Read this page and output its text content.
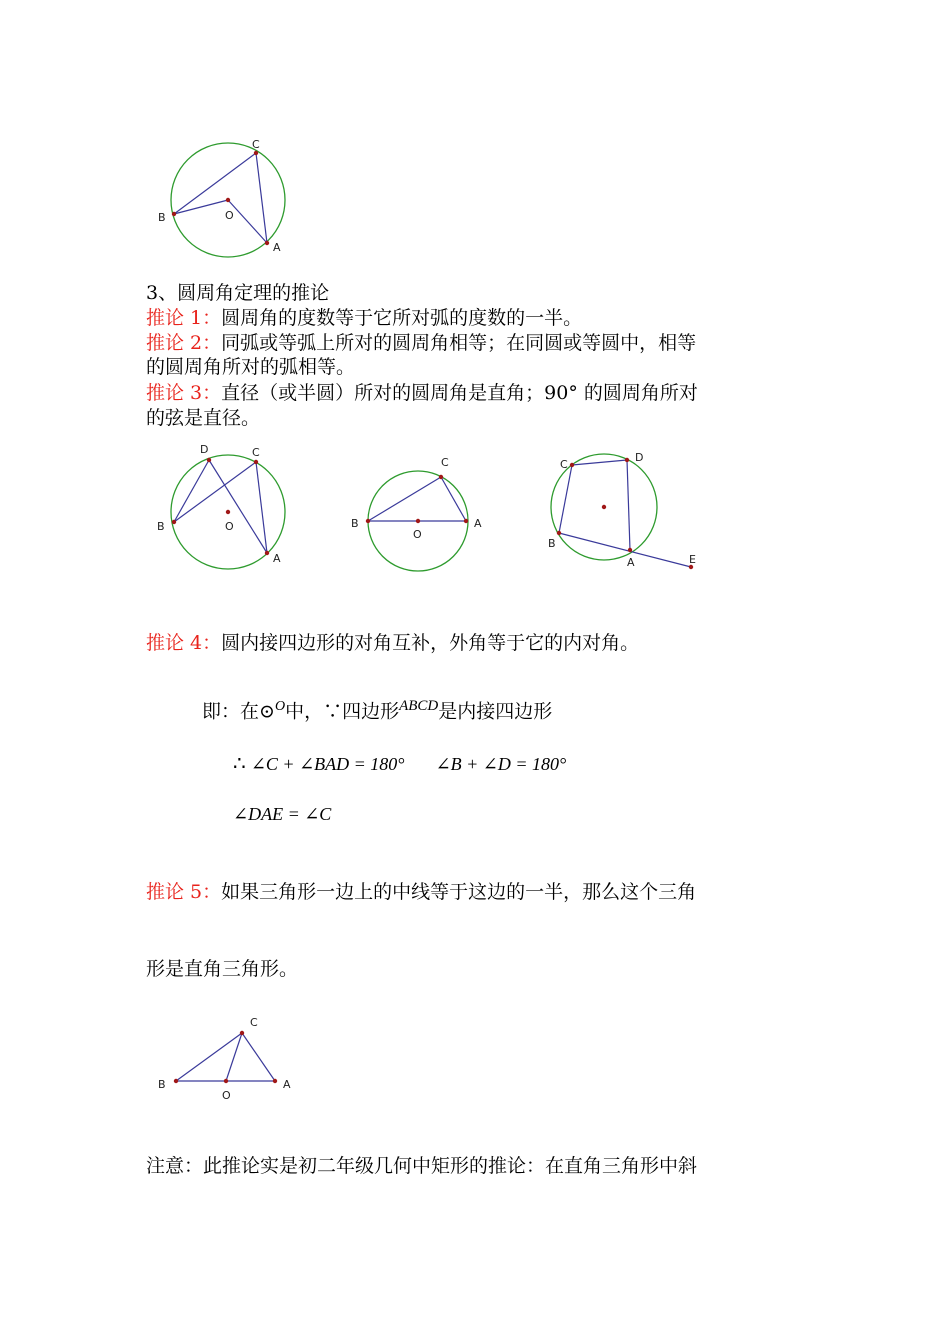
C
B	O
A
3、圆周角定理的推论
推论 1：圆周角的度数等于它所对弧的度数的一半。
推论 2：同弧或等弧上所对的圆周角相等；在同圆或等圆中，相等
的圆周角所对的弧相等。
推论 3：直径（或半圆）所对的圆周角是直角；90° 的圆周角所对
的弦是直径。
D	C
B	O
A
C
B
O
A
C
D
B
A	E
推论 4：圆内接四边形的对角互补，外角等于它的内对角。
即：在⊙$^O$中，∵四边形$^{ABCD}$是内接四边形
∴ ∠C + ∠BAD = 180° ∠B + ∠D = 180°
∠DAE = ∠C
推论 5：如果三角形一边上的中线等于这边的一半，那么这个三角
形是直角三角形。
C
B
O
A
注意：此推论实是初二年级几何中矩形的推论：在直角三角形中斜
